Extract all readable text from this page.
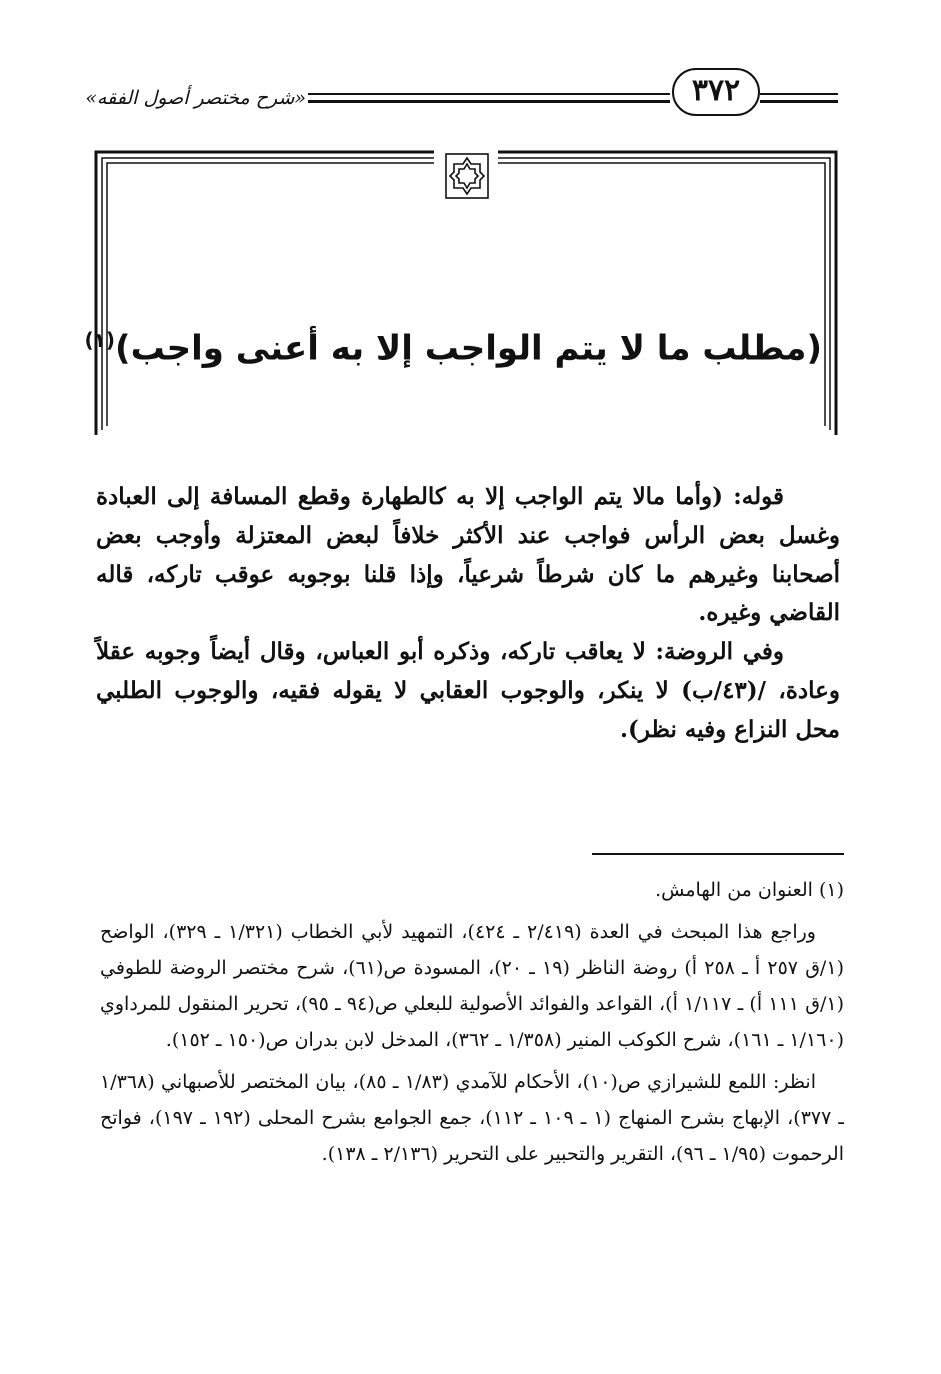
«شرح مختصر أصول الفقه»	٣٧٢
(مطلب ما لا يتم الواجب إلا به أعنى واجب)$^{(١)}$

قوله: (وأما مالا يتم الواجب إلا به كالطهارة وقطع المسافة إلى العبادة وغسل بعض الرأس فواجب عند الأكثر خلافاً لبعض المعتزلة وأوجب بعض أصحابنا وغيرهم ما كان شرطاً شرعياً، وإذا قلنا بوجوبه عوقب تاركه، قاله القاضي وغيره.

وفي الروضة: لا يعاقب تاركه، وذكره أبو العباس، وقال أيضاً وجوبه عقلاً وعادة، /(٤٣/ب) لا ينكر، والوجوب العقابي لا يقوله فقيه، والوجوب الطلبي محل النزاع وفيه نظر).

(١) العنوان من الهامش.

وراجع هذا المبحث في العدة (٢/٤١٩ ـ ٤٢٤)، التمهيد لأبي الخطاب (١/٣٢١ ـ ٣٢٩)، الواضح (١/ق ٢٥٧ أ ـ ٢٥٨ أ) روضة الناظر (١٩ ـ ٢٠)، المسودة ص(٦١)، شرح مختصر الروضة للطوفي (١/ق ١١١ أ) ـ ١/١١٧ أ)، القواعد والفوائد الأصولية للبعلي ص(٩٤ ـ ٩٥)، تحرير المنقول للمرداوي (١/١٦٠ ـ ١٦١)، شرح الكوكب المنير (١/٣٥٨ ـ ٣٦٢)، المدخل لابن بدران ص(١٥٠ ـ ١٥٢).

انظر: اللمع للشيرازي ص(١٠)، الأحكام للآمدي (١/٨٣ ـ ٨٥)، بيان المختصر للأصبهاني (١/٣٦٨ ـ ٣٧٧)، الإبهاج بشرح المنهاج (١ ـ ١٠٩ ـ ١١٢)، جمع الجوامع بشرح المحلى (١٩٢ ـ ١٩٧)، فواتح الرحموت (١/٩٥ ـ ٩٦)، التقرير والتحبير على التحرير (٢/١٣٦ ـ ١٣٨).
